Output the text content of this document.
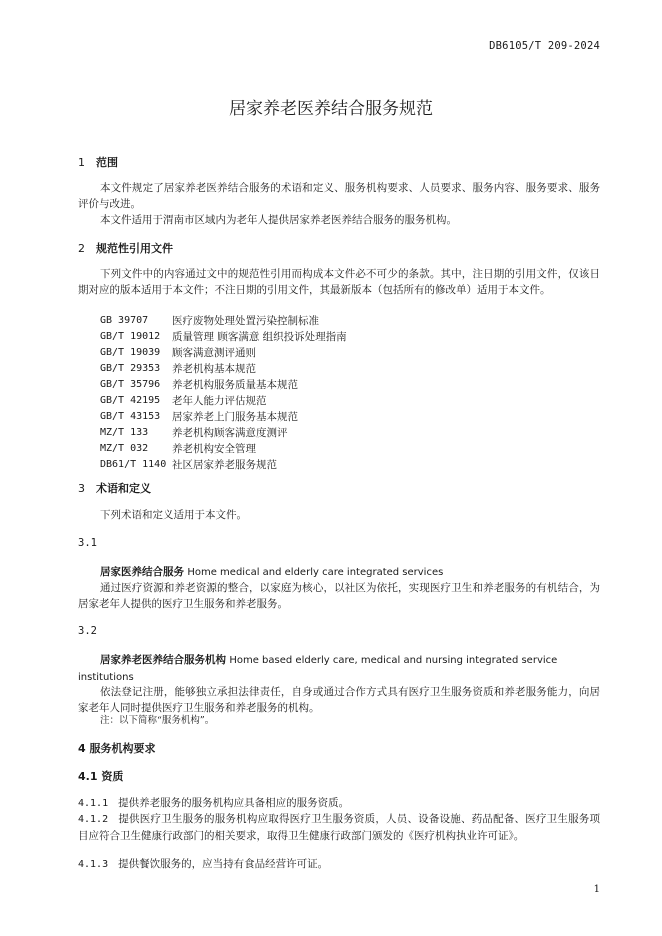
DB6105/T 209-2024
居家养老医养结合服务规范
1 范围
本文件规定了居家养老医养结合服务的术语和定义、服务机构要求、人员要求、服务内容、服务要求、服务评价与改进。
本文件适用于渭南市区域内为老年人提供居家养老医养结合服务的服务机构。
2 规范性引用文件
下列文件中的内容通过文中的规范性引用而构成本文件必不可少的条款。其中，注日期的引用文件，仅该日期对应的版本适用于本文件；不注日期的引用文件，其最新版本（包括所有的修改单）适用于本文件。
GB 39707	医疗废物处理处置污染控制标准
GB/T 19012	质量管理 顾客满意 组织投诉处理指南
GB/T 19039	顾客满意测评通则
GB/T 29353	养老机构基本规范
GB/T 35796	养老机构服务质量基本规范
GB/T 42195	老年人能力评估规范
GB/T 43153	居家养老上门服务基本规范
MZ/T 133	养老机构顾客满意度测评
MZ/T 032	养老机构安全管理
DB61/T 1140 社区居家养老服务规范
3 术语和定义
下列术语和定义适用于本文件。
3.1
居家医养结合服务 Home medical and elderly care integrated services
通过医疗资源和养老资源的整合，以家庭为核心，以社区为依托，实现医疗卫生和养老服务的有机结合，为居家老年人提供的医疗卫生服务和养老服务。
3.2
居家养老医养结合服务机构 Home based elderly care, medical and nursing integrated service institutions
依法登记注册，能够独立承担法律责任，自身或通过合作方式具有医疗卫生服务资质和养老服务能力，向居家老年人同时提供医疗卫生服务和养老服务的机构。
注：以下简称“服务机构”。
4 服务机构要求
4.1 资质
4.1.1 提供养老服务的服务机构应具备相应的服务资质。
4.1.2 提供医疗卫生服务的服务机构应取得医疗卫生服务资质，人员、设备设施、药品配备、医疗卫生服务项目应符合卫生健康行政部门的相关要求，取得卫生健康行政部门颁发的《医疗机构执业许可证》。
4.1.3 提供餐饮服务的，应当持有食品经营许可证。
1
